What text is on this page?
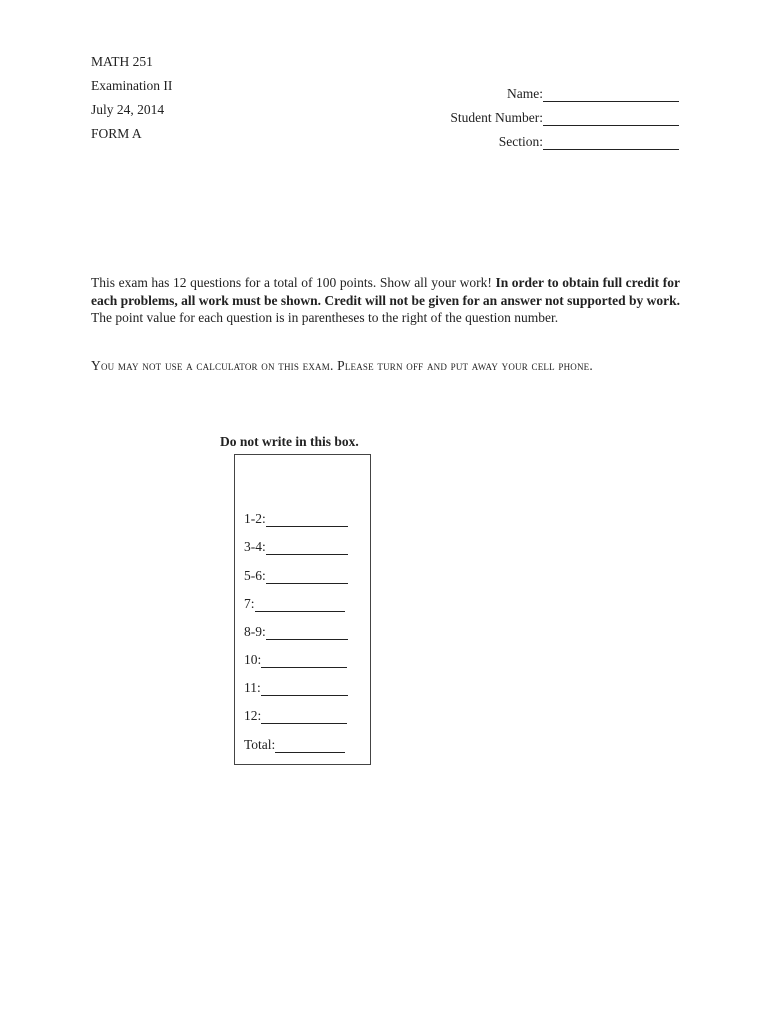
MATH 251
Examination II
July 24, 2014
FORM A
Name:
Student Number:
Section:
This exam has 12 questions for a total of 100 points. Show all your work! In order to obtain full credit for each problems, all work must be shown. Credit will not be given for an answer not supported by work. The point value for each question is in parentheses to the right of the question number.
You may not use a calculator on this exam. Please turn off and put away your cell phone.
Do not write in this box.
1-2:
3-4:
5-6:
7:
8-9:
10:
11:
12:
Total:
